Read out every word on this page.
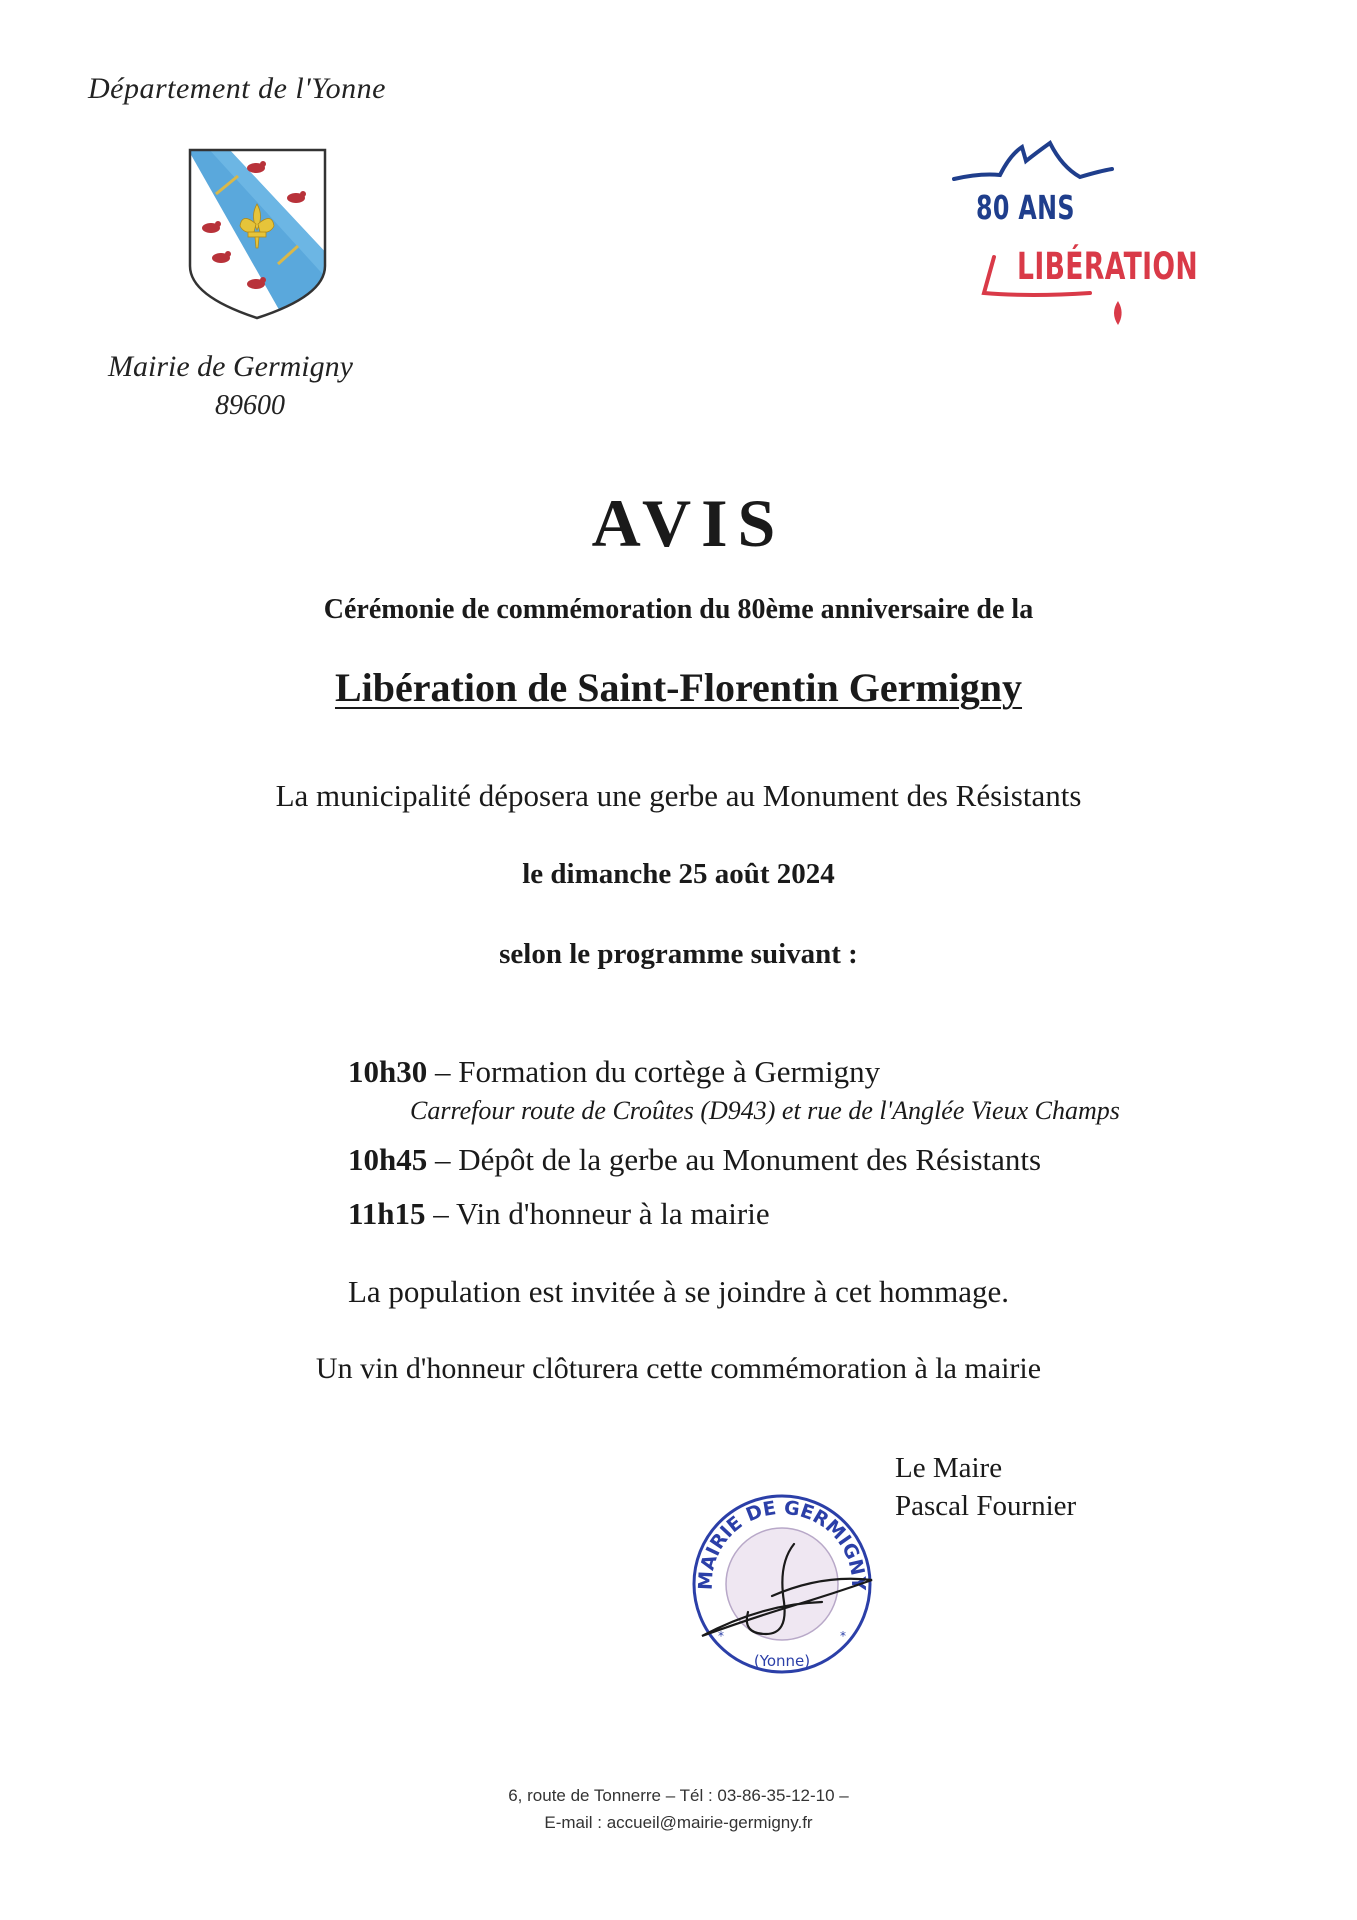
Département de l'Yonne
Mairie de Germigny
89600
80 ANS
LIBÉRATION
AVIS
Cérémonie de commémoration du 80ème anniversaire de la
Libération de Saint-Florentin Germigny
La municipalité déposera une gerbe au Monument des Résistants
le dimanche 25 août 2024
selon le programme suivant :
10h30 – Formation du cortège à Germigny
Carrefour route de Croûtes (D943) et rue de l'Anglée Vieux Champs
10h45 – Dépôt de la gerbe au Monument des Résistants
11h15 – Vin d'honneur à la mairie
La population est invitée à se joindre à cet hommage.
Un vin d'honneur clôturera cette commémoration à la mairie
Le Maire
Pascal Fournier
MAIRIE DE GERMIGNY
(Yonne)
*	*
6, route de Tonnerre – Tél : 03-86-35-12-10 –
E-mail : accueil@mairie-germigny.fr
